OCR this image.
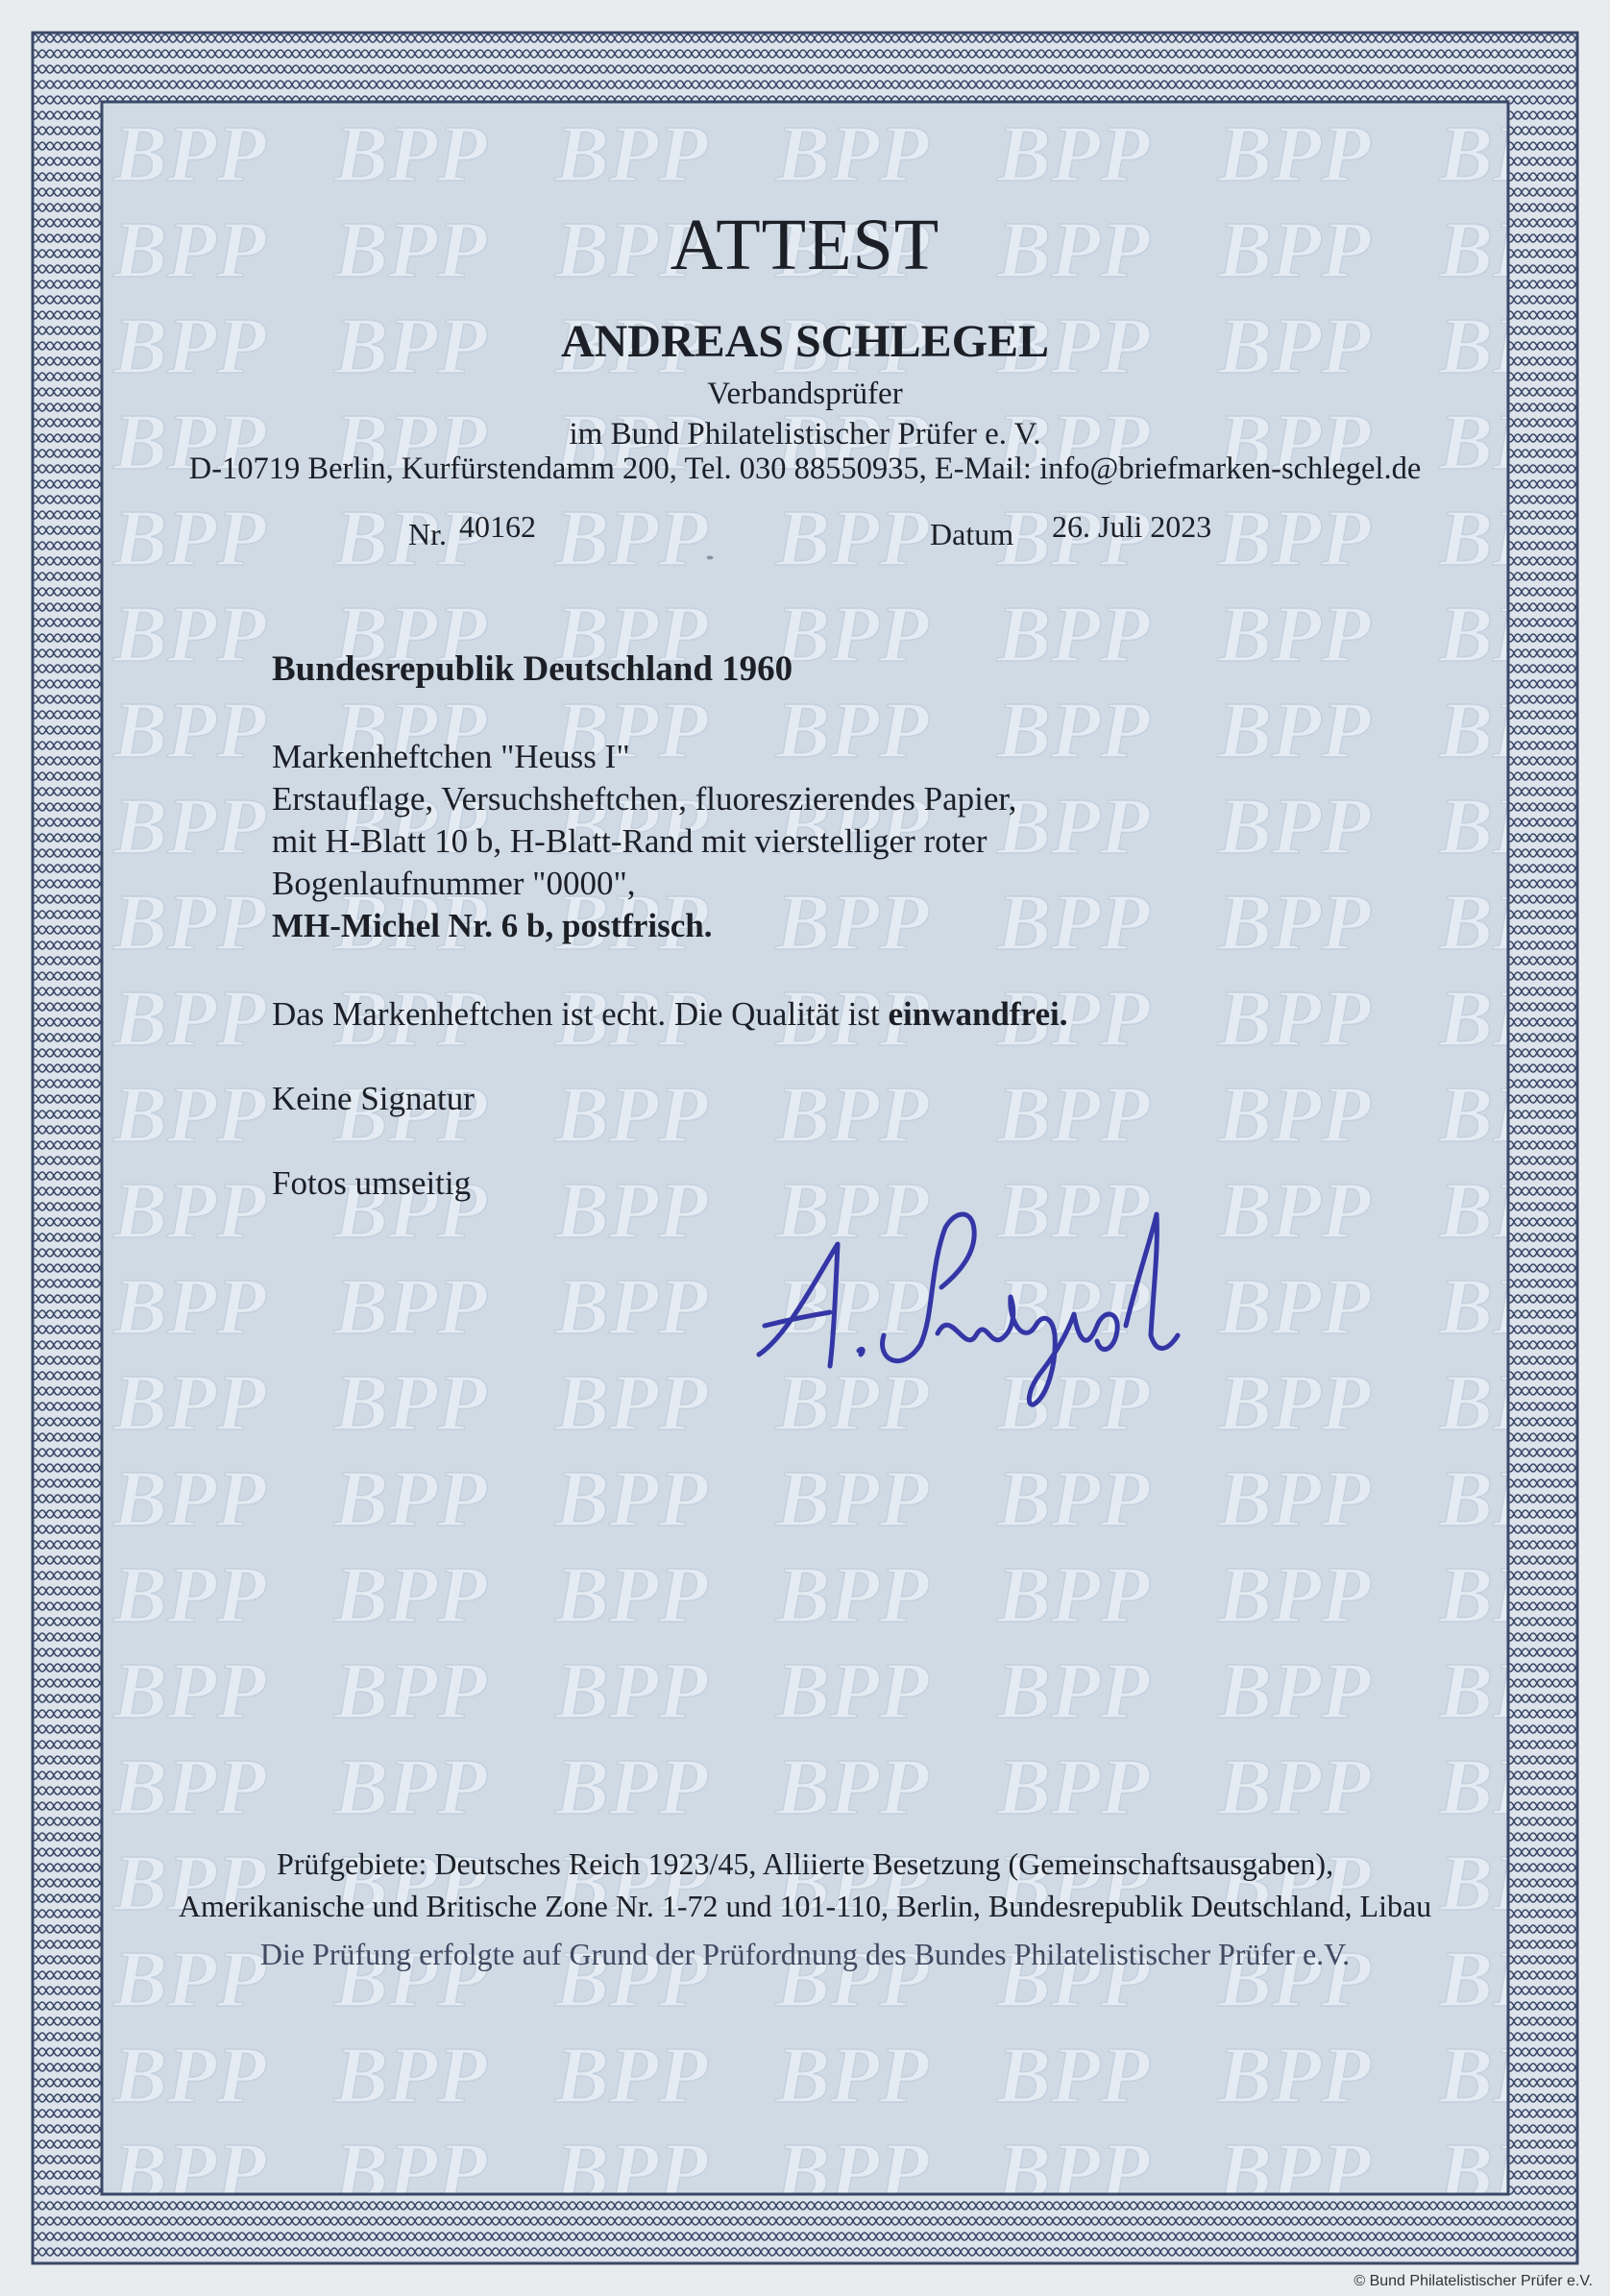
ATTEST
ANDREAS SCHLEGEL
Verbandsprüfer
im Bund Philatelistischer Prüfer e. V.
D-10719 Berlin, Kurfürstendamm 200, Tel. 030 88550935, E-Mail: info@briefmarken-schlegel.de
Nr. 40162	Datum 26. Juli 2023
Bundesrepublik Deutschland 1960
Markenheftchen "Heuss I"
Erstauflage, Versuchsheftchen, fluoreszierendes Papier,
mit H-Blatt 10 b, H-Blatt-Rand mit vierstelliger roter
Bogenlaufnummer "0000",
MH-Michel Nr. 6 b, postfrisch.
Das Markenheftchen ist echt. Die Qualität ist einwandfrei.
Keine Signatur
Fotos umseitig
Prüfgebiete: Deutsches Reich 1923/45, Alliierte Besetzung (Gemeinschaftsausgaben),
Amerikanische und Britische Zone Nr. 1-72 und 101-110, Berlin, Bundesrepublik Deutschland, Libau
Die Prüfung erfolgte auf Grund der Prüfordnung des Bundes Philatelistischer Prüfer e.V.
© Bund Philatelistischer Prüfer e.V.
